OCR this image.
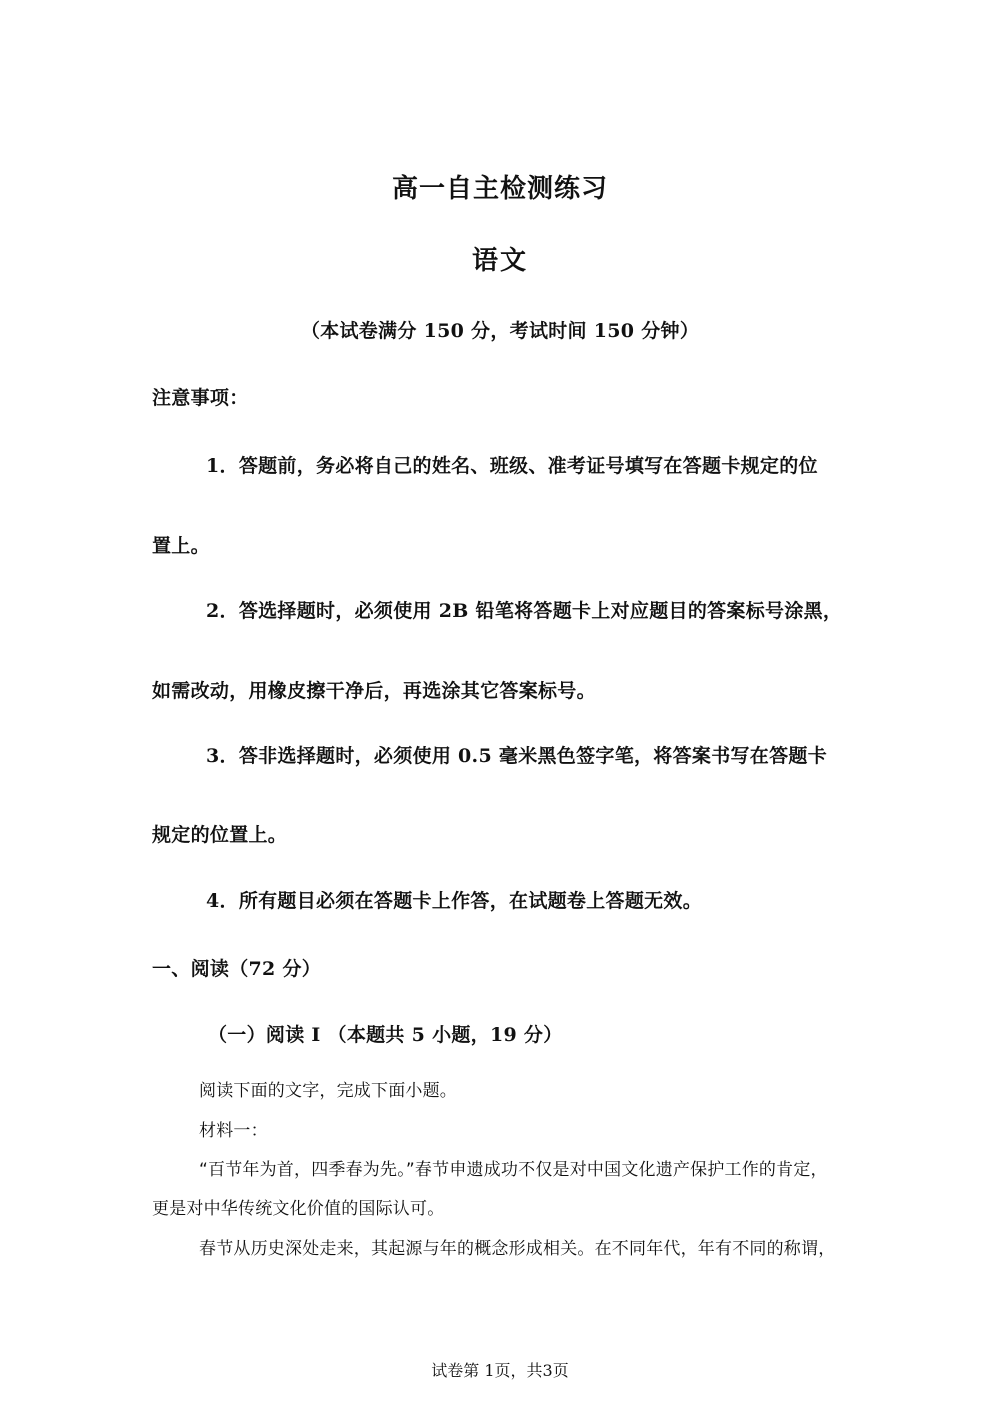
高一自主检测练习
语文
（本试卷满分 150 分，考试时间 150 分钟）
注意事项：
1．答题前，务必将自己的姓名、班级、准考证号填写在答题卡规定的位
置上。
2．答选择题时，必须使用 2B 铅笔将答题卡上对应题目的答案标号涂黑，
如需改动，用橡皮擦干净后，再选涂其它答案标号。
3．答非选择题时，必须使用 0.5 毫米黑色签字笔，将答案书写在答题卡
规定的位置上。
4．所有题目必须在答题卡上作答，在试题卷上答题无效。
一、阅读（72 分）
（一）阅读 I （本题共 5 小题，19 分）
阅读下面的文字，完成下面小题。
材料一：
“百节年为首，四季春为先。”春节申遗成功不仅是对中国文化遗产保护工作的肯定，
更是对中华传统文化价值的国际认可。
春节从历史深处走来，其起源与年的概念形成相关。在不同年代，年有不同的称谓，
试卷第 1页，共3页
